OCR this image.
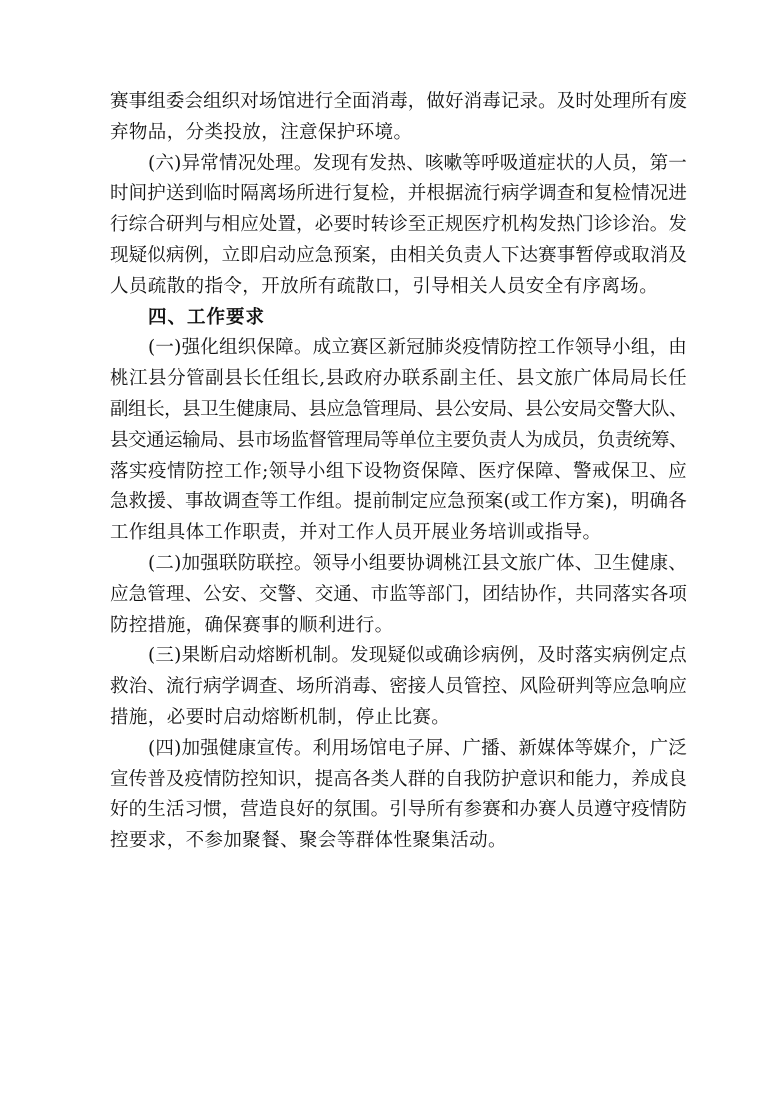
赛事组委会组织对场馆进行全面消毒，做好消毒记录。及时处理所有废
弃物品，分类投放，注意保护环境。
(六)异常情况处理。发现有发热、咳嗽等呼吸道症状的人员，第一
时间护送到临时隔离场所进行复检，并根据流行病学调查和复检情况进
行综合研判与相应处置，必要时转诊至正规医疗机构发热门诊诊治。发
现疑似病例，立即启动应急预案，由相关负责人下达赛事暂停或取消及
人员疏散的指令，开放所有疏散口，引导相关人员安全有序离场。
四、工作要求
(一)强化组织保障。成立赛区新冠肺炎疫情防控工作领导小组，由
桃江县分管副县长任组长,县政府办联系副主任、县文旅广体局局长任
副组长，县卫生健康局、县应急管理局、县公安局、县公安局交警大队、
县交通运输局、县市场监督管理局等单位主要负责人为成员，负责统筹、
落实疫情防控工作;领导小组下设物资保障、医疗保障、警戒保卫、应
急救援、事故调查等工作组。提前制定应急预案(或工作方案)，明确各
工作组具体工作职责，并对工作人员开展业务培训或指导。
(二)加强联防联控。领导小组要协调桃江县文旅广体、卫生健康、
应急管理、公安、交警、交通、市监等部门，团结协作，共同落实各项
防控措施，确保赛事的顺利进行。
(三)果断启动熔断机制。发现疑似或确诊病例，及时落实病例定点
救治、流行病学调查、场所消毒、密接人员管控、风险研判等应急响应
措施，必要时启动熔断机制，停止比赛。
(四)加强健康宣传。利用场馆电子屏、广播、新媒体等媒介，广泛
宣传普及疫情防控知识，提高各类人群的自我防护意识和能力，养成良
好的生活习惯，营造良好的氛围。引导所有参赛和办赛人员遵守疫情防
控要求，不参加聚餐、聚会等群体性聚集活动。
